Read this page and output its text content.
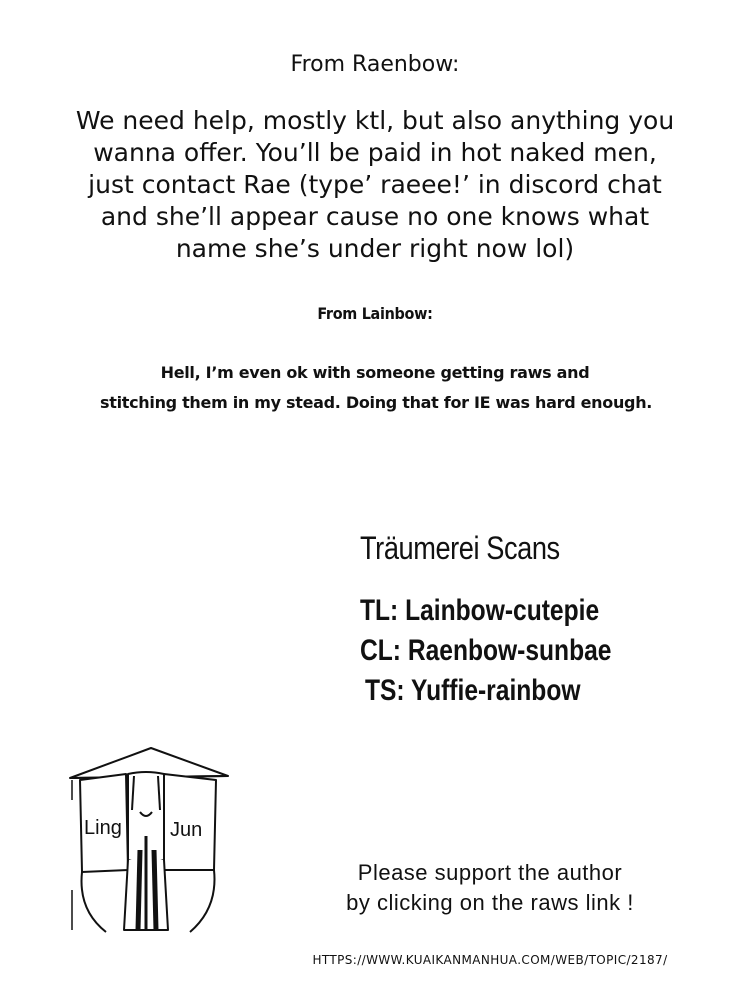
From Raenbow:
We need help, mostly ktl, but also anything you
wanna offer. You’ll be paid in hot naked men,
just contact Rae (type’ raeee!’ in discord chat
and she’ll appear cause no one knows what
name she’s under right now lol)
From Lainbow:
Hell, I’m even ok with someone getting raws and
stitching them in my stead. Doing that for IE was hard enough.
Träumerei Scans
TL: Lainbow-cutepie
CL: Raenbow-sunbae
TS: Yuffie-rainbow
Ling Jun
Please support the author
by clicking on the raws link !
HTTPS://WWW.KUAIKANMANHUA.COM/WEB/TOPIC/2187/
